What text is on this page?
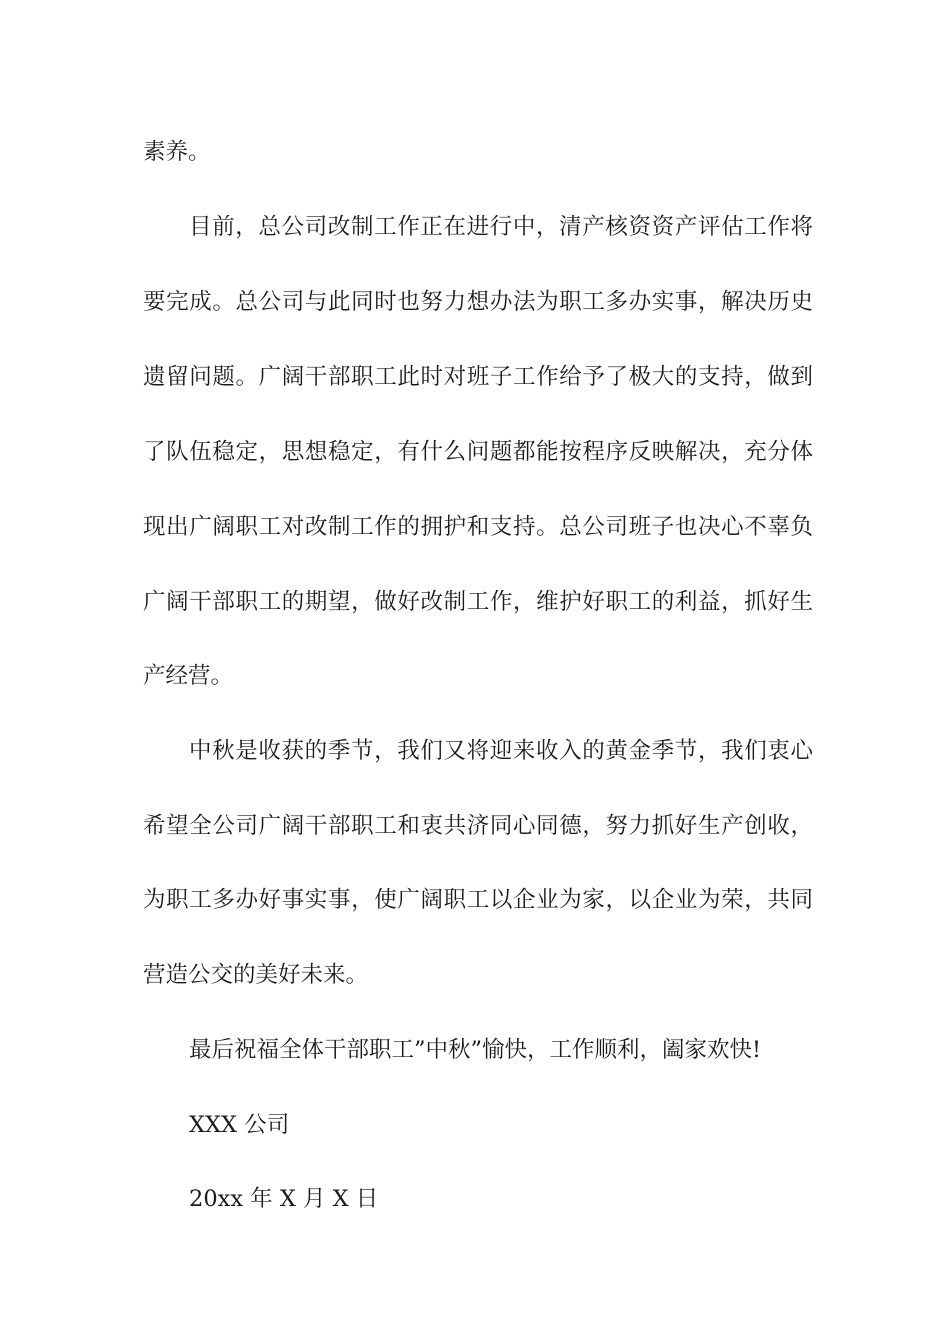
素养。
目前，总公司改制工作正在进行中，清产核资资产评估工作将
要完成。总公司与此同时也努力想办法为职工多办实事，解决历史
遗留问题。广阔干部职工此时对班子工作给予了极大的支持，做到
了队伍稳定，思想稳定，有什么问题都能按程序反映解决，充分体
现出广阔职工对改制工作的拥护和支持。总公司班子也决心不辜负
广阔干部职工的期望，做好改制工作，维护好职工的利益，抓好生
产经营。
中秋是收获的季节，我们又将迎来收入的黄金季节，我们衷心
希望全公司广阔干部职工和衷共济同心同德，努力抓好生产创收，
为职工多办好事实事，使广阔职工以企业为家，以企业为荣，共同
营造公交的美好未来。
最后祝福全体干部职工”中秋”愉快，工作顺利，阖家欢快!
XXX 公司
20xx 年 X 月 X 日
